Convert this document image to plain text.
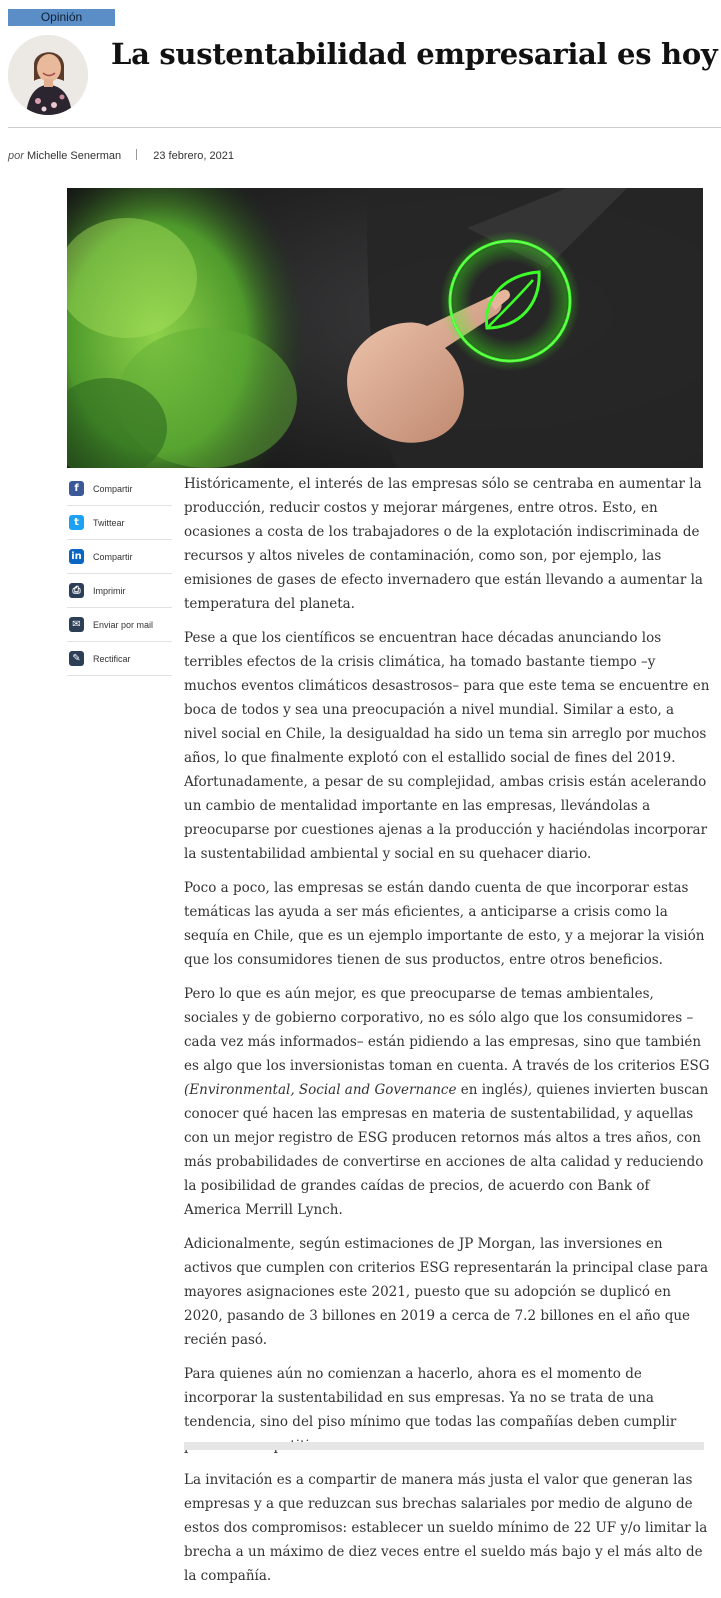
Opinión
La sustentabilidad empresarial es hoy
por Michelle Senerman	23 febrero, 2021
f	Compartir
t	Twittear
in Compartir
⎙	Imprimir
✉	Enviar por mail
✎	Rectificar

Históricamente, el interés de las empresas sólo se centraba en aumentar la producción, reducir costos y mejorar márgenes, entre otros. Esto, en ocasiones a costa de los trabajadores o de la explotación indiscriminada de recursos y altos niveles de contaminación, como son, por ejemplo, las emisiones de gases de efecto invernadero que están llevando a aumentar la temperatura del planeta.

Pese a que los científicos se encuentran hace décadas anunciando los terribles efectos de la crisis climática, ha tomado bastante tiempo –y muchos eventos climáticos desastrosos– para que este tema se encuentre en boca de todos y sea una preocupación a nivel mundial. Similar a esto, a nivel social en Chile, la desigualdad ha sido un tema sin arreglo por muchos años, lo que finalmente explotó con el estallido social de fines del 2019. Afortunadamente, a pesar de su complejidad, ambas crisis están acelerando un cambio de mentalidad importante en las empresas, llevándolas a preocuparse por cuestiones ajenas a la producción y haciéndolas incorporar la sustentabilidad ambiental y social en su quehacer diario.

Poco a poco, las empresas se están dando cuenta de que incorporar estas temáticas las ayuda a ser más eficientes, a anticiparse a crisis como la sequía en Chile, que es un ejemplo importante de esto, y a mejorar la visión que los consumidores tienen de sus productos, entre otros beneficios.

Pero lo que es aún mejor, es que preocuparse de temas ambientales, sociales y de gobierno corporativo, no es sólo algo que los consumidores –cada vez más informados– están pidiendo a las empresas, sino que también es algo que los inversionistas toman en cuenta. A través de los criterios ESG (Environmental, Social and Governance en inglés), quienes invierten buscan conocer qué hacen las empresas en materia de sustentabilidad, y aquellas con un mejor registro de ESG producen retornos más altos a tres años, con más probabilidades de convertirse en acciones de alta calidad y reduciendo la posibilidad de grandes caídas de precios, de acuerdo con Bank of America Merrill Lynch.

Adicionalmente, según estimaciones de JP Morgan, las inversiones en activos que cumplen con criterios ESG representarán la principal clase para mayores asignaciones este 2021, puesto que su adopción se duplicó en 2020, pasando de 3 billones en 2019 a cerca de 7.2 billones en el año que recién pasó.

Para quienes aún no comienzan a hacerlo, ahora es el momento de incorporar la sustentabilidad en sus empresas. Ya no se trata de una tendencia, sino del piso mínimo que todas las compañías deben cumplir

La invitación es a compartir de manera más justa el valor que generan las empresas y a que reduzcan sus brechas salariales por medio de alguno de estos dos compromisos: establecer un sueldo mínimo de 22 UF y/o limitar la brecha a un máximo de diez veces entre el sueldo más bajo y el más alto de la compañía.
